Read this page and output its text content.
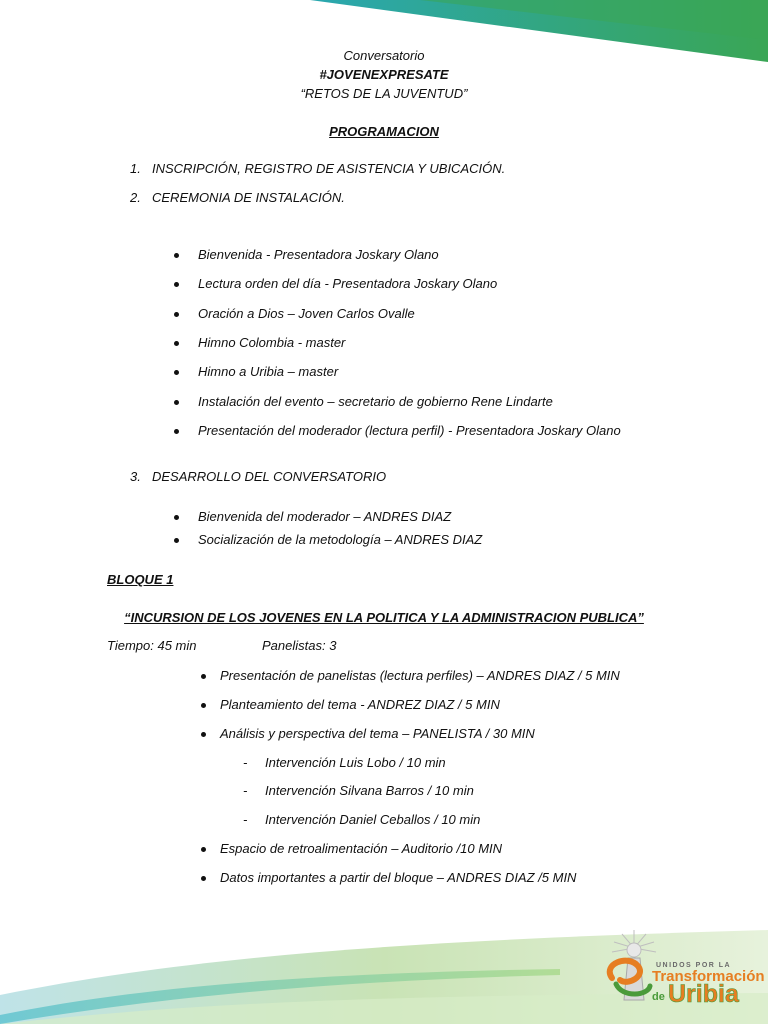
Conversatorio
#JOVENEXPRESATE
“RETOS DE LA JUVENTUD”
PROGRAMACION
1. INSCRIPCIÓN, REGISTRO DE ASISTENCIA Y UBICACIÓN.
2. CEREMONIA DE INSTALACIÓN.
Bienvenida - Presentadora Joskary Olano
Lectura orden del día - Presentadora Joskary Olano
Oración a Dios – Joven Carlos Ovalle
Himno Colombia - master
Himno a Uribia – master
Instalación del evento – secretario de gobierno Rene Lindarte
Presentación del moderador (lectura perfil) - Presentadora Joskary Olano
3. DESARROLLO DEL CONVERSATORIO
Bienvenida del moderador – ANDRES DIAZ
Socialización de la metodología – ANDRES DIAZ
BLOQUE 1
“INCURSION DE LOS JOVENES EN LA POLITICA Y LA ADMINISTRACION PUBLICA”
Tiempo: 45 min	Panelistas: 3
Presentación de panelistas (lectura perfiles) – ANDRES DIAZ / 5 MIN
Planteamiento del tema - ANDREZ DIAZ / 5 MIN
Análisis y perspectiva del tema – PANELISTA / 30 MIN
- Intervención Luis Lobo / 10 min
- Intervención Silvana Barros / 10 min
- Intervención Daniel Ceballos / 10 min
Espacio de retroalimentación – Auditorio /10 MIN
Datos importantes a partir del bloque – ANDRES DIAZ /5 MIN
UNIDOS POR LA
Transformación
de Uribia
